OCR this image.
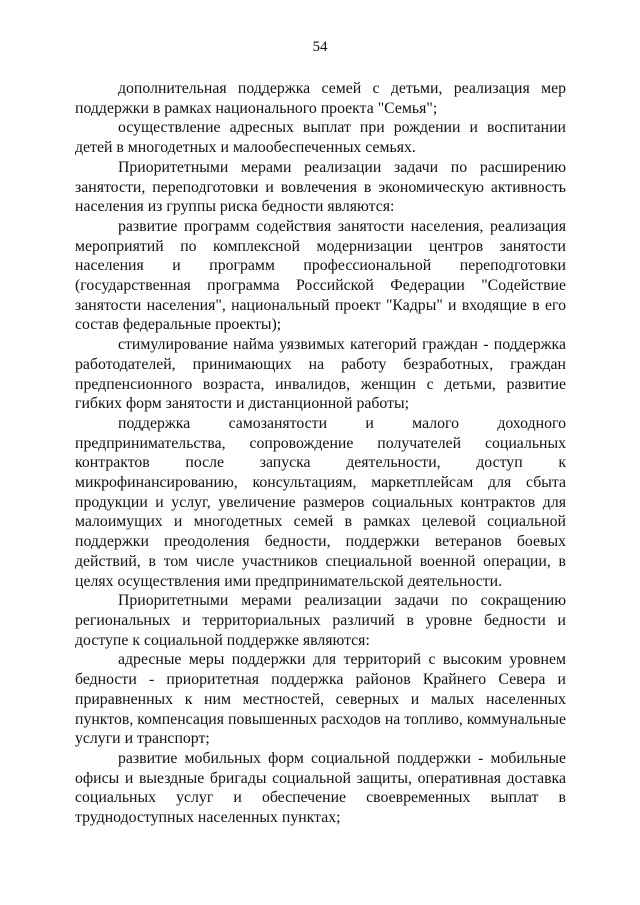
54

дополнительная поддержка семей с детьми, реализация мер поддержки в рамках национального проекта "Семья";

осуществление адресных выплат при рождении и воспитании детей в многодетных и малообеспеченных семьях.

Приоритетными мерами реализации задачи по расширению занятости, переподготовки и вовлечения в экономическую активность населения из группы риска бедности являются:

развитие программ содействия занятости населения, реализация мероприятий по комплексной модернизации центров занятости населения и программ профессиональной переподготовки (государственная программа Российской Федерации "Содействие занятости населения", национальный проект "Кадры" и входящие в его состав федеральные проекты);

стимулирование найма уязвимых категорий граждан - поддержка работодателей, принимающих на работу безработных, граждан предпенсионного возраста, инвалидов, женщин с детьми, развитие гибких форм занятости и дистанционной работы;

поддержка самозанятости и малого доходного предпринимательства, сопровождение получателей социальных контрактов после запуска деятельности, доступ к микрофинансированию, консультациям, маркетплейсам для сбыта продукции и услуг, увеличение размеров социальных контрактов для малоимущих и многодетных семей в рамках целевой социальной поддержки преодоления бедности, поддержки ветеранов боевых действий, в том числе участников специальной военной операции, в целях осуществления ими предпринимательской деятельности.

Приоритетными мерами реализации задачи по сокращению региональных и территориальных различий в уровне бедности и доступе к социальной поддержке являются:

адресные меры поддержки для территорий с высоким уровнем бедности - приоритетная поддержка районов Крайнего Севера и приравненных к ним местностей, северных и малых населенных пунктов, компенсация повышенных расходов на топливо, коммунальные услуги и транспорт;

развитие мобильных форм социальной поддержки - мобильные офисы и выездные бригады социальной защиты, оперативная доставка социальных услуг и обеспечение своевременных выплат в труднодоступных населенных пунктах;
